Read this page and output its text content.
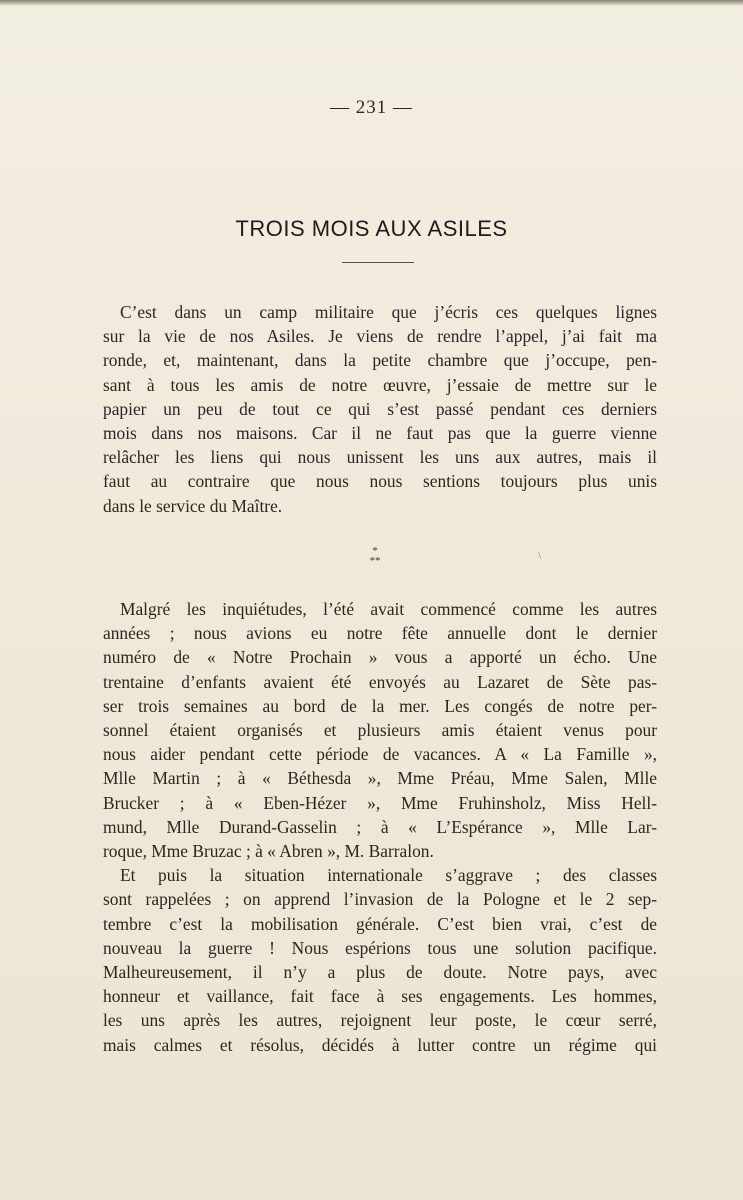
— 231 —
TROIS MOIS AUX ASILES
C’est dans un camp militaire que j’écris ces quelques lignes
sur la vie de nos Asiles. Je viens de rendre l’appel, j’ai fait ma
ronde, et, maintenant, dans la petite chambre que j’occupe, pen-
sant à tous les amis de notre œuvre, j’essaie de mettre sur le
papier un peu de tout ce qui s’est passé pendant ces derniers
mois dans nos maisons. Car il ne faut pas que la guerre vienne
relâcher les liens qui nous unissent les uns aux autres, mais il
faut au contraire que nous nous sentions toujours plus unis
dans le service du Maître.
*
**	\
Malgré les inquiétudes, l’été avait commencé comme les autres
années ; nous avions eu notre fête annuelle dont le dernier
numéro de « Notre Prochain » vous a apporté un écho. Une
trentaine d’enfants avaient été envoyés au Lazaret de Sète pas-
ser trois semaines au bord de la mer. Les congés de notre per-
sonnel étaient organisés et plusieurs amis étaient venus pour
nous aider pendant cette période de vacances. A « La Famille »,
Mlle Martin ; à « Béthesda », Mme Préau, Mme Salen, Mlle
Brucker ; à « Eben-Hézer », Mme Fruhinsholz, Miss Hell-
mund, Mlle Durand-Gasselin ; à « L’Espérance », Mlle Lar-
roque, Mme Bruzac ; à « Abren », M. Barralon.
Et puis la situation internationale s’aggrave ; des classes
sont rappelées ; on apprend l’invasion de la Pologne et le 2 sep-
tembre c’est la mobilisation générale. C’est bien vrai, c’est de
nouveau la guerre ! Nous espérions tous une solution pacifique.
Malheureusement, il n’y a plus de doute. Notre pays, avec
honneur et vaillance, fait face à ses engagements. Les hommes,
les uns après les autres, rejoignent leur poste, le cœur serré,
mais calmes et résolus, décidés à lutter contre un régime qui
